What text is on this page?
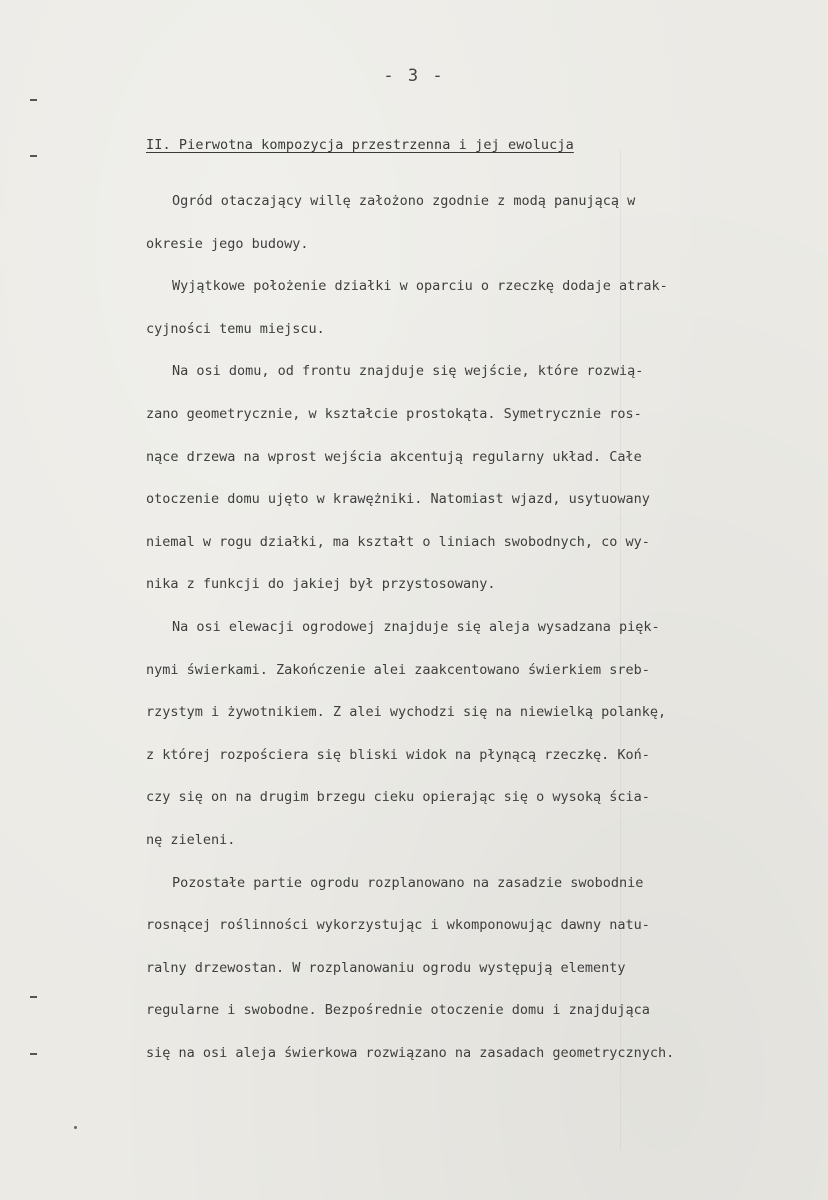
- 3 -
II. Pierwotna kompozycja przestrzenna i jej ewolucja
Ogród otaczający willę założono zgodnie z modą panującą w
okresie jego budowy.
Wyjątkowe położenie działki w oparciu o rzeczkę dodaje atrak-
cyjności temu miejscu.
Na osi domu, od frontu znajduje się wejście, które rozwią-
zano geometrycznie, w kształcie prostokąta. Symetrycznie ros-
nące drzewa na wprost wejścia akcentują regularny układ. Całe
otoczenie domu ujęto w krawężniki. Natomiast wjazd, usytuowany
niemal w rogu działki, ma kształt o liniach swobodnych, co wy-
nika z funkcji do jakiej był przystosowany.
Na osi elewacji ogrodowej znajduje się aleja wysadzana pięk-
nymi świerkami. Zakończenie alei zaakcentowano świerkiem sreb-
rzystym i żywotnikiem. Z alei wychodzi się na niewielką polankę,
z której rozpościera się bliski widok na płynącą rzeczkę. Koń-
czy się on na drugim brzegu cieku opierając się o wysoką ścia-
nę zieleni.
Pozostałe partie ogrodu rozplanowano na zasadzie swobodnie
rosnącej roślinności wykorzystując i wkomponowując dawny natu-
ralny drzewostan. W rozplanowaniu ogrodu występują elementy
regularne i swobodne. Bezpośrednie otoczenie domu i znajdująca
się na osi aleja świerkowa rozwiązano na zasadach geometrycznych.
